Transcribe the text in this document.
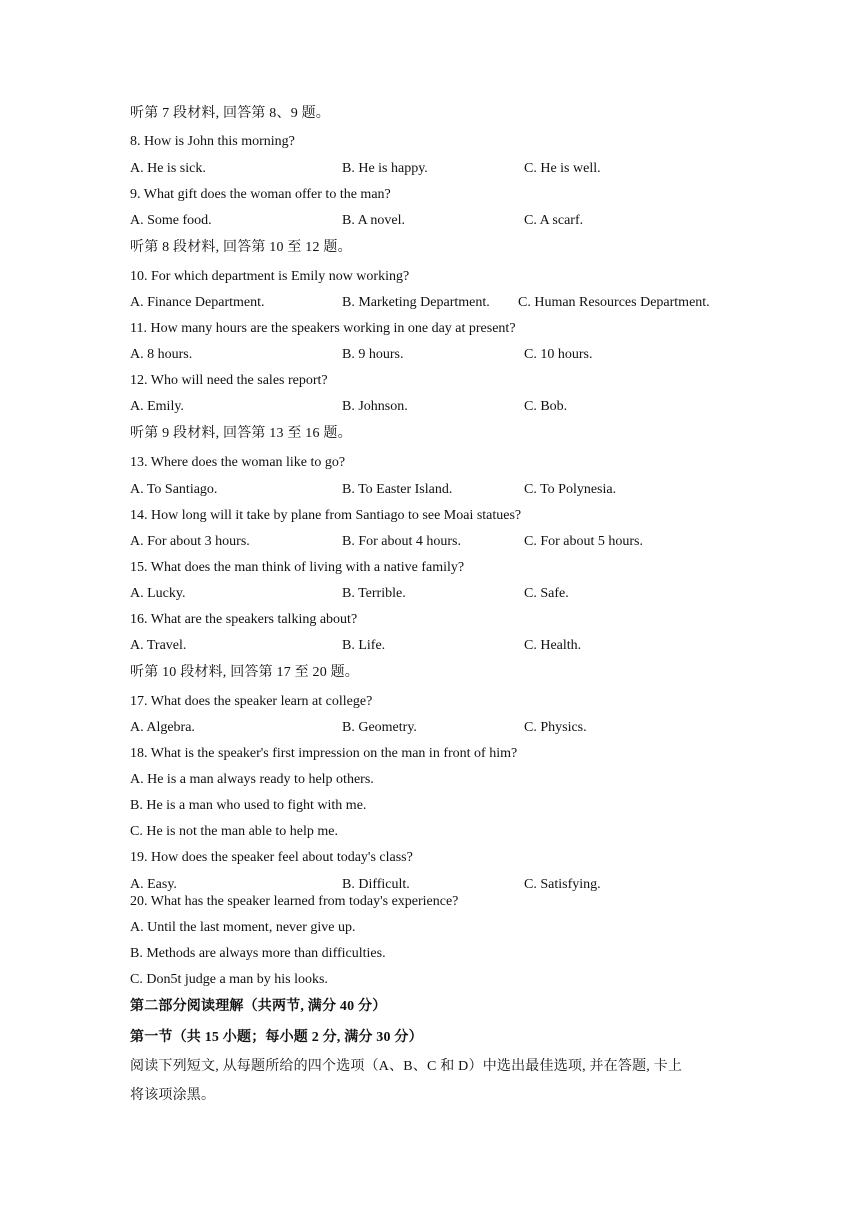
听第 7 段材料, 回答第 8、9 题。
8. How is John this morning?
A. He is sick.	B. He is happy.	C. He is well.
9. What gift does the woman offer to the man?
A. Some food.	B. A novel.	C. A scarf.
听第 8 段材料, 回答第 10 至 12 题。
10. For which department is Emily now working?
A. Finance Department.	B. Marketing Department. C. Human Resources Department.
11. How many hours are the speakers working in one day at present?
A. 8 hours.	B. 9 hours.	C. 10 hours.
12. Who will need the sales report?
A. Emily.	B. Johnson.	C. Bob.
听第 9 段材料, 回答第 13 至 16 题。
13. Where does the woman like to go?
A. To Santiago.	B. To Easter Island.	C. To Polynesia.
14. How long will it take by plane from Santiago to see Moai statues?
A. For about 3 hours.	B. For about 4 hours.	C. For about 5 hours.
15. What does the man think of living with a native family?
A. Lucky.	B. Terrible.	C. Safe.
16. What are the speakers talking about?
A. Travel.	B. Life.	C. Health.
听第 10 段材料, 回答第 17 至 20 题。
17. What does the speaker learn at college?
A. Algebra.	B. Geometry.	C. Physics.
18. What is the speaker's first impression on the man in front of him?
A. He is a man always ready to help others.
B. He is a man who used to fight with me.
C. He is not the man able to help me.
19. How does the speaker feel about today's class?
A. Easy.	B. Difficult.	C. Satisfying.
20. What has the speaker learned from today's experience?
A. Until the last moment, never give up.
B. Methods are always more than difficulties.
C. Don5t judge a man by his looks.
第二部分阅读理解（共两节, 满分 40 分）
第一节（共 15 小题；每小题 2 分, 满分 30 分）
阅读下列短文, 从每题所给的四个选项（A、B、C 和 D）中选出最佳选项, 并在答题, 卡上
将该项涂黑。
